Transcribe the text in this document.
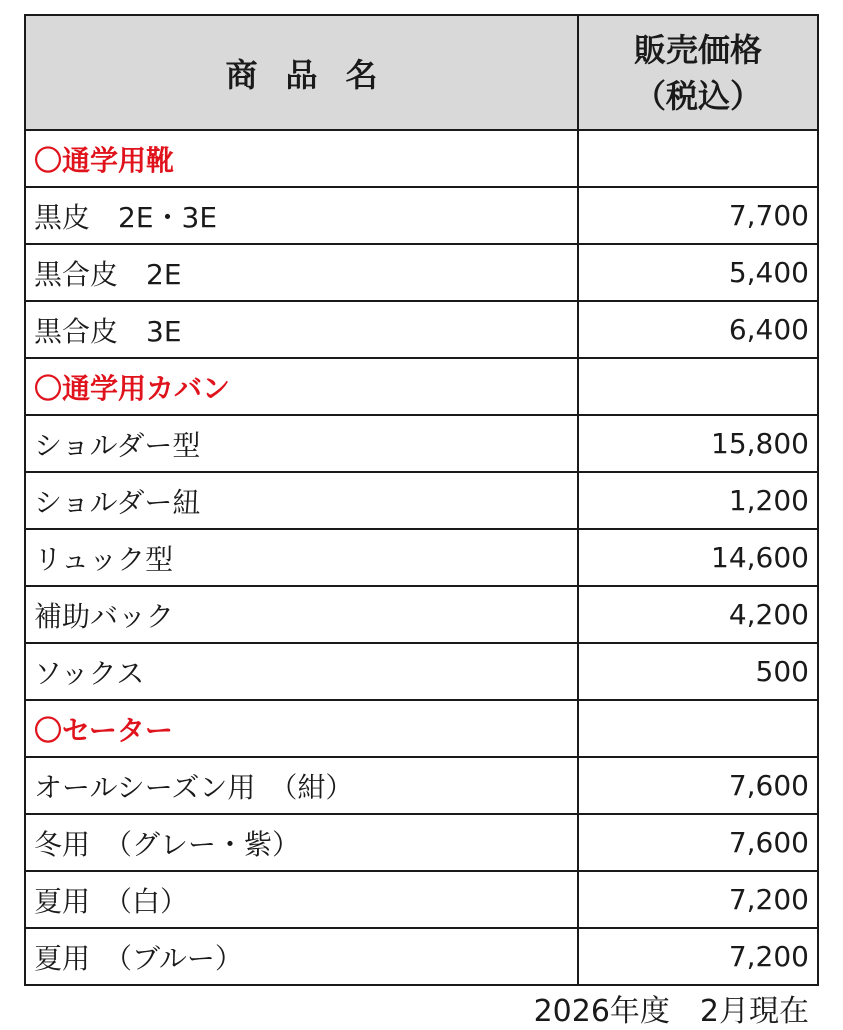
商品名	販売価格
（税込）

〇通学用靴	
黒皮　2E・3E	7,700
黒合皮　2E	5,400
黒合皮　3E	6,400
〇通学用カバン	
ショルダー型	15,800
ショルダー紐	1,200
リュック型	14,600
補助バック	4,200
ソックス	500
〇セーター	
オールシーズン用　（紺）	7,600
冬用　（グレー・紫）	7,600
夏用　（白）	7,200
夏用　（ブルー）	7,200
2026年度　2月現在
